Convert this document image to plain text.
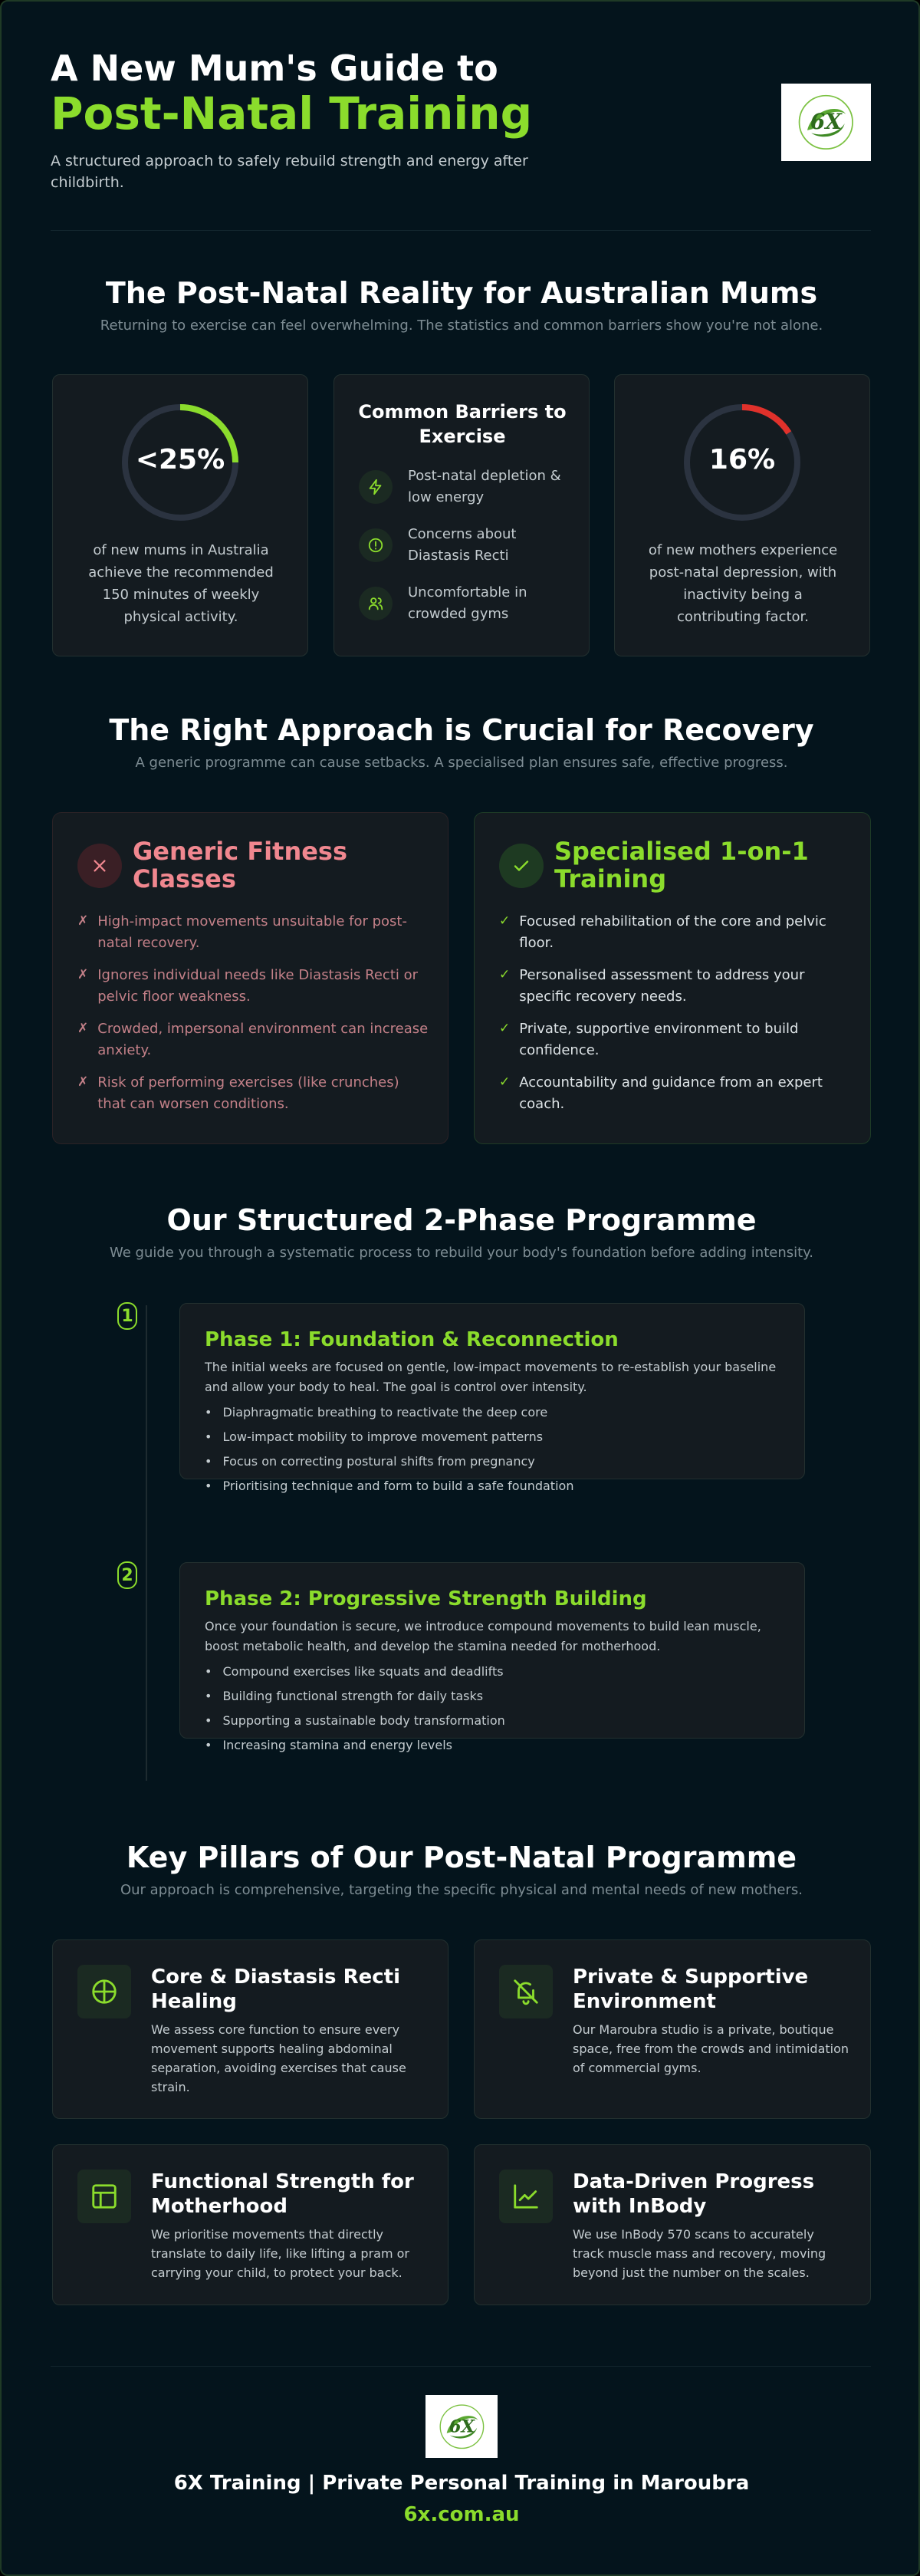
A New Mum's Guide to
Post-Natal Training
A structured approach to safely rebuild strength and energy after childbirth.
6X
The Post-Natal Reality for Australian Mums
Returning to exercise can feel overwhelming. The statistics and common barriers show you're not alone.
<25%
of new mums in Australia achieve the recommended 150 minutes of weekly physical activity.
Common Barriers to Exercise
Post-natal depletion & low energy
Concerns about Diastasis Recti
Uncomfortable in crowded gyms
16%
of new mothers experience post-natal depression, with inactivity being a contributing factor.
The Right Approach is Crucial for Recovery
A generic programme can cause setbacks. A specialised plan ensures safe, effective progress.
Generic Fitness Classes
✗ High-impact movements unsuitable for post-natal recovery.
✗ Ignores individual needs like Diastasis Recti or pelvic floor weakness.
✗ Crowded, impersonal environment can increase anxiety.
✗ Risk of performing exercises (like crunches) that can worsen conditions.
Specialised 1-on-1 Training
✓ Focused rehabilitation of the core and pelvic floor.
✓ Personalised assessment to address your specific recovery needs.
✓ Private, supportive environment to build confidence.
✓ Accountability and guidance from an expert coach.
Our Structured 2-Phase Programme
We guide you through a systematic process to rebuild your body's foundation before adding intensity.
1
Phase 1: Foundation & Reconnection
The initial weeks are focused on gentle, low-impact movements to re-establish your baseline and allow your body to heal. The goal is control over intensity.
• Diaphragmatic breathing to reactivate the deep core
• Low-impact mobility to improve movement patterns
• Focus on correcting postural shifts from pregnancy
• Prioritising technique and form to build a safe foundation
2
Phase 2: Progressive Strength Building
Once your foundation is secure, we introduce compound movements to build lean muscle, boost metabolic health, and develop the stamina needed for motherhood.
• Compound exercises like squats and deadlifts
• Building functional strength for daily tasks
• Supporting a sustainable body transformation
• Increasing stamina and energy levels
Key Pillars of Our Post-Natal Programme
Our approach is comprehensive, targeting the specific physical and mental needs of new mothers.
Core & Diastasis Recti Healing
We assess core function to ensure every movement supports healing abdominal separation, avoiding exercises that cause strain.
Private & Supportive Environment
Our Maroubra studio is a private, boutique space, free from the crowds and intimidation of commercial gyms.
Functional Strength for Motherhood
We prioritise movements that directly translate to daily life, like lifting a pram or carrying your child, to protect your back.
Data-Driven Progress with InBody
We use InBody 570 scans to accurately track muscle mass and recovery, moving beyond just the number on the scales.
6X
6X Training | Private Personal Training in Maroubra
6x.com.au
